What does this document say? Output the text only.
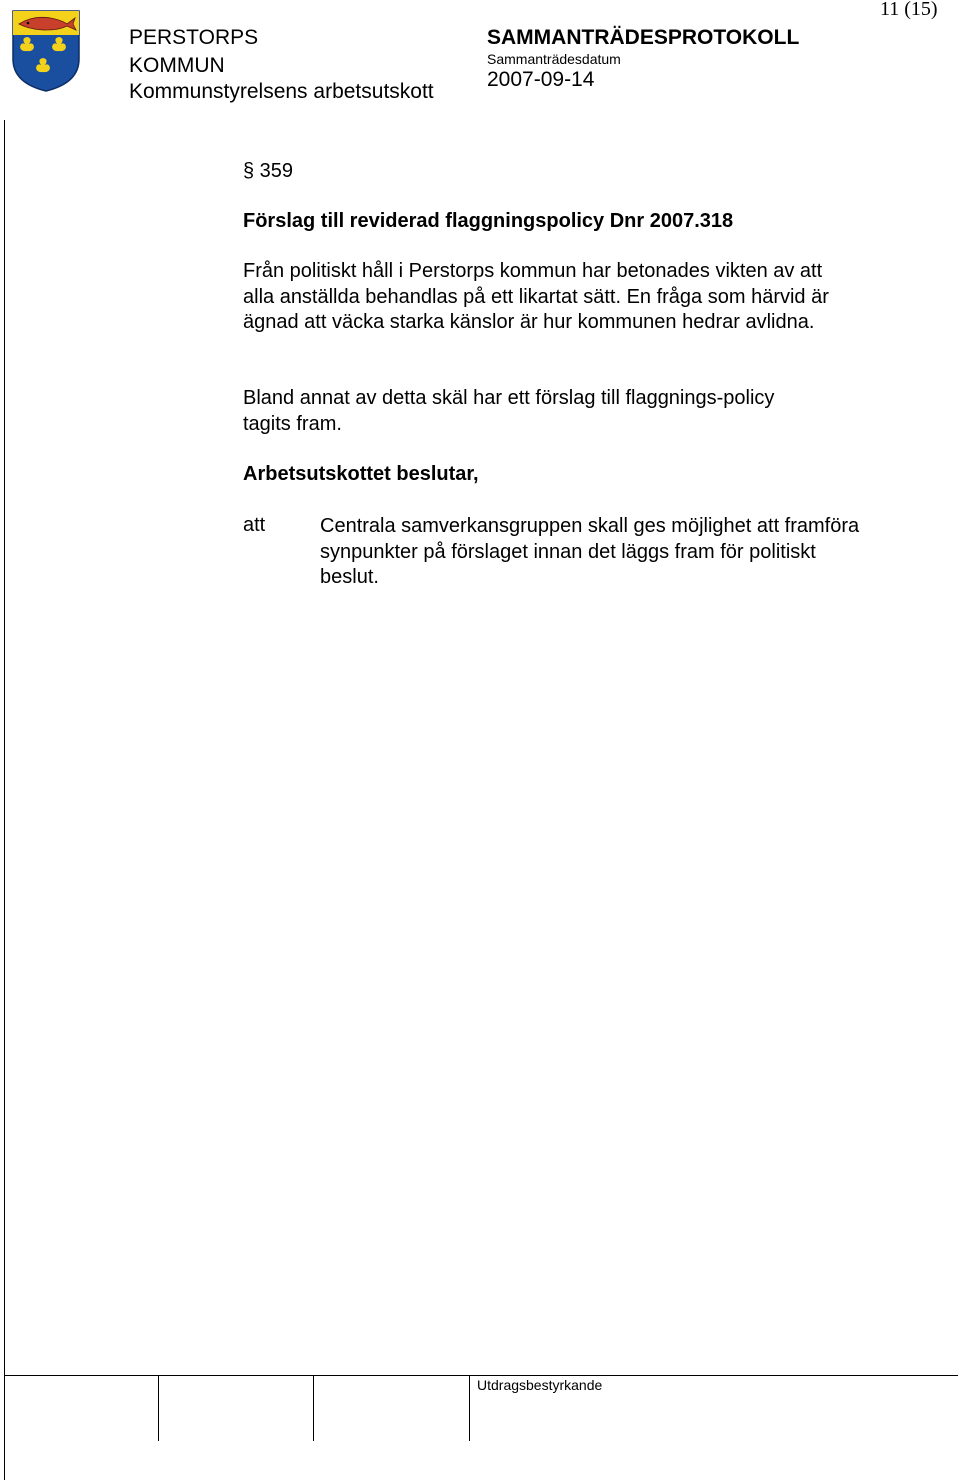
11 (15)
PERSTORPS
KOMMUN
Kommunstyrelsens arbetsutskott
SAMMANTRÄDESPROTOKOLL
Sammanträdesdatum
2007-09-14
§ 359
Förslag till reviderad flaggningspolicy Dnr 2007.318
Från politiskt håll i Perstorps kommun har betonades vikten av att alla anställda behandlas på ett likartat sätt. En fråga som härvid är ägnad att väcka starka känslor är hur kommunen hedrar avlidna.
Bland annat av detta skäl har ett förslag till flaggnings-policy tagits fram.
Arbetsutskottet beslutar,
att	Centrala samverkansgruppen skall ges möjlighet att framföra synpunkter på förslaget innan det läggs fram för politiskt beslut.
Utdragsbestyrkande
